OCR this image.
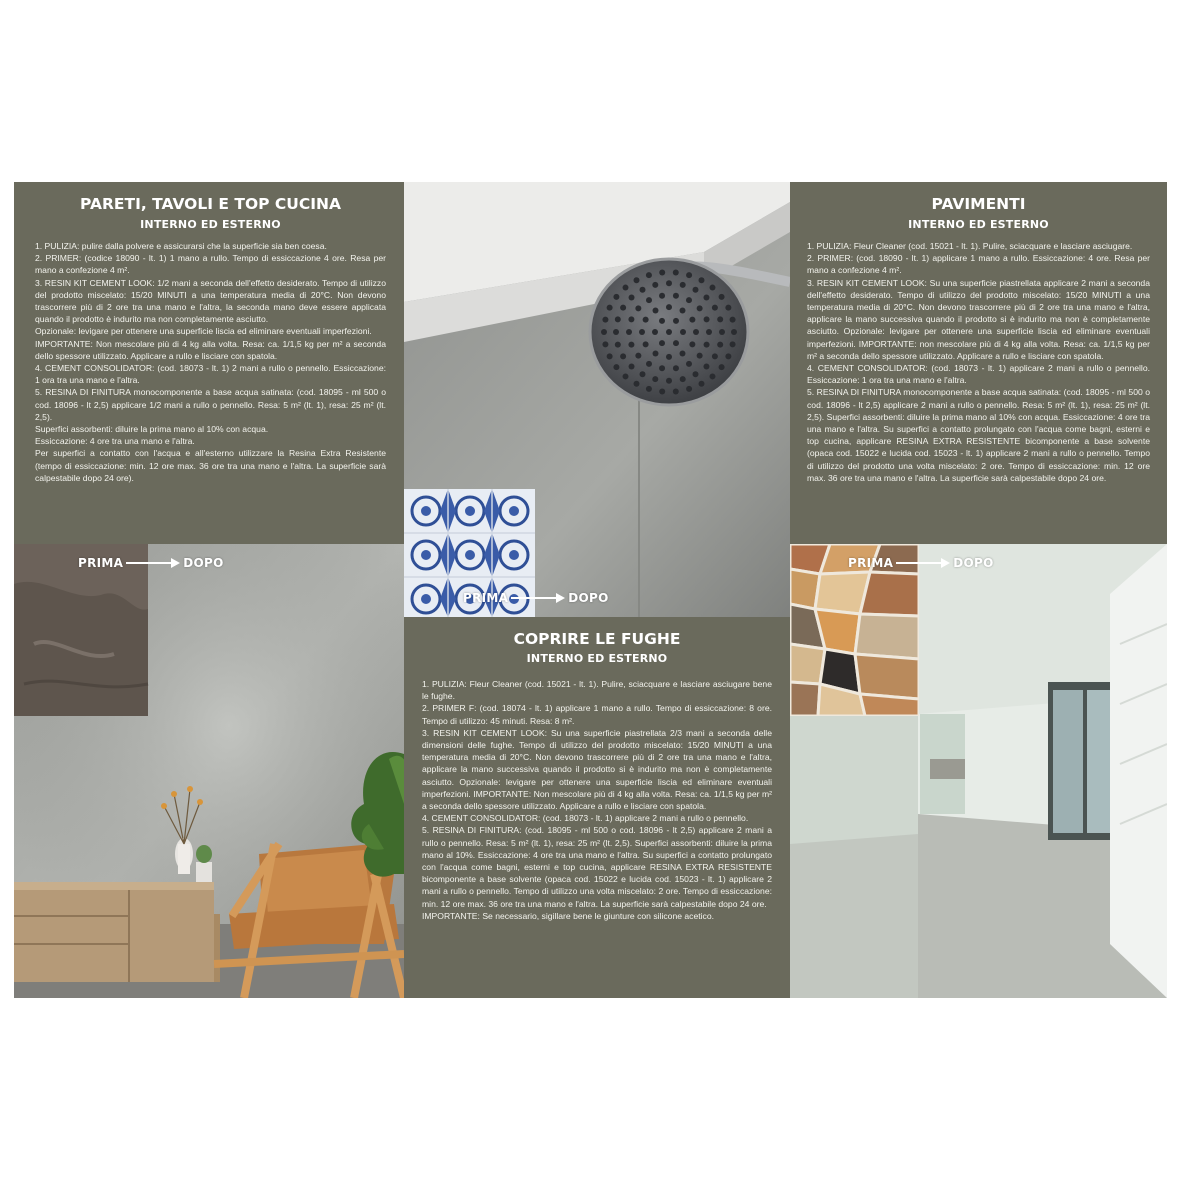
PARETI, TAVOLI E TOP CUCINA
INTERNO ED ESTERNO

1. PULIZIA: pulire dalla polvere e assicurarsi che la superficie sia ben coesa.

2. PRIMER: (codice 18090 - lt. 1) 1 mano a rullo. Tempo di essiccazione 4 ore. Resa per mano a confezione 4 m².

3. RESIN KIT CEMENT LOOK: 1/2 mani a seconda dell'effetto desiderato. Tempo di utilizzo del prodotto miscelato: 15/20 MINUTI a una temperatura media di 20°C. Non devono trascorrere più di 2 ore tra una mano e l'altra, la seconda mano deve essere applicata quando il prodotto è indurito ma non completamente asciutto.

Opzionale: levigare per ottenere una superficie liscia ed eliminare eventuali imperfezioni.

IMPORTANTE: Non mescolare più di 4 kg alla volta. Resa: ca. 1/1,5 kg per m² a seconda dello spessore utilizzato. Applicare a rullo e lisciare con spatola.

4. CEMENT CONSOLIDATOR: (cod. 18073 - lt. 1) 2 mani a rullo o pennello. Essiccazione: 1 ora tra una mano e l'altra.

5. RESINA DI FINITURA monocomponente a base acqua satinata: (cod. 18095 - ml 500 o cod. 18096 - lt 2,5) applicare 1/2 mani a rullo o pennello. Resa: 5 m² (lt. 1), resa: 25 m² (lt. 2,5).

Superfici assorbenti: diluire la prima mano al 10% con acqua.

Essiccazione: 4 ore tra una mano e l'altra.

Per superfici a contatto con l'acqua e all'esterno utilizzare la Resina Extra Resistente (tempo di essiccazione: min. 12 ore max. 36 ore tra una mano e l'altra. La superficie sarà calpestabile dopo 24 ore).

PRIMA	DOPO
PRIMA	DOPO
COPRIRE LE FUGHE
INTERNO ED ESTERNO

1. PULIZIA: Fleur Cleaner (cod. 15021 - lt. 1). Pulire, sciacquare e lasciare asciugare bene le fughe.

2. PRIMER F: (cod. 18074 - lt. 1) applicare 1 mano a rullo. Tempo di essiccazione: 8 ore. Tempo di utilizzo: 45 minuti. Resa: 8 m².

3. RESIN KIT CEMENT LOOK: Su una superficie piastrellata 2/3 mani a seconda delle dimensioni delle fughe. Tempo di utilizzo del prodotto miscelato: 15/20 MINUTI a una temperatura media di 20°C. Non devono trascorrere più di 2 ore tra una mano e l'altra, applicare la mano successiva quando il prodotto si è indurito ma non è completamente asciutto. Opzionale: levigare per ottenere una superficie liscia ed eliminare eventuali imperfezioni. IMPORTANTE: Non mescolare più di 4 kg alla volta. Resa: ca. 1/1,5 kg per m² a seconda dello spessore utilizzato. Applicare a rullo e lisciare con spatola.

4. CEMENT CONSOLIDATOR: (cod. 18073 - lt. 1) applicare 2 mani a rullo o pennello.

5. RESINA DI FINITURA: (cod. 18095 - ml 500 o cod. 18096 - lt 2,5) applicare 2 mani a rullo o pennello. Resa: 5 m² (lt. 1), resa: 25 m² (lt. 2,5). Superfici assorbenti: diluire la prima mano al 10%. Essiccazione: 4 ore tra una mano e l'altra. Su superfici a contatto prolungato con l'acqua come bagni, esterni e top cucina, applicare RESINA EXTRA RESISTENTE bicomponente a base solvente (opaca cod. 15022 e lucida cod. 15023 - lt. 1) applicare 2 mani a rullo o pennello. Tempo di utilizzo una volta miscelato: 2 ore. Tempo di essiccazione: min. 12 ore max. 36 ore tra una mano e l'altra. La superficie sarà calpestabile dopo 24 ore.

IMPORTANTE: Se necessario, sigillare bene le giunture con silicone acetico.

PAVIMENTI
INTERNO ED ESTERNO

1. PULIZIA: Fleur Cleaner (cod. 15021 - lt. 1). Pulire, sciacquare e lasciare asciugare.

2. PRIMER: (cod. 18090 - lt. 1) applicare 1 mano a rullo. Essiccazione: 4 ore. Resa per mano a confezione 4 m².

3. RESIN KIT CEMENT LOOK: Su una superficie piastrellata applicare 2 mani a seconda dell'effetto desiderato. Tempo di utilizzo del prodotto miscelato: 15/20 MINUTI a una temperatura media di 20°C. Non devono trascorrere più di 2 ore tra una mano e l'altra, applicare la mano successiva quando il prodotto si è indurito ma non è completamente asciutto. Opzionale: levigare per ottenere una superficie liscia ed eliminare eventuali imperfezioni. IMPORTANTE: non mescolare più di 4 kg alla volta. Resa: ca. 1/1,5 kg per m² a seconda dello spessore utilizzato. Applicare a rullo e lisciare con spatola.

4. CEMENT CONSOLIDATOR: (cod. 18073 - lt. 1) applicare 2 mani a rullo o pennello. Essiccazione: 1 ora tra una mano e l'altra.

5. RESINA DI FINITURA monocomponente a base acqua satinata: (cod. 18095 - ml 500 o cod. 18096 - lt 2,5) applicare 2 mani a rullo o pennello. Resa: 5 m² (lt. 1), resa: 25 m² (lt. 2,5). Superfici assorbenti: diluire la prima mano al 10% con acqua. Essiccazione: 4 ore tra una mano e l'altra. Su superfici a contatto prolungato con l'acqua come bagni, esterni e top cucina, applicare RESINA EXTRA RESISTENTE bicomponente a base solvente (opaca cod. 15022 e lucida cod. 15023 - lt. 1) applicare 2 mani a rullo o pennello. Tempo di utilizzo del prodotto una volta miscelato: 2 ore. Tempo di essiccazione: min. 12 ore max. 36 ore tra una mano e l'altra. La superficie sarà calpestabile dopo 24 ore.

PRIMA	DOPO
